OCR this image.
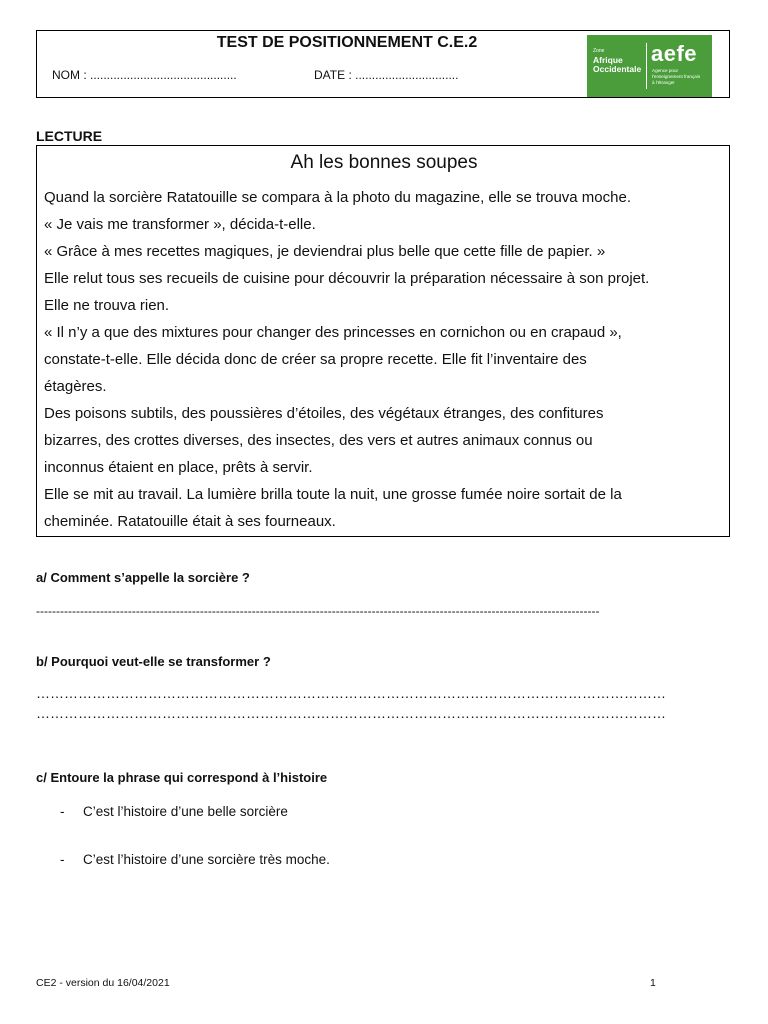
TEST DE POSITIONNEMENT C.E.2
NOM : ............................................	DATE : ...............................
Zone
Afrique
Occidentale
aefe
Agence pour
l'enseignement français
à l'étranger
LECTURE
Ah les bonnes soupes
Quand la sorcière Ratatouille se compara à la photo du magazine, elle se trouva moche.
« Je vais me transformer », décida-t-elle.
« Grâce à mes recettes magiques, je deviendrai plus belle que cette fille de papier. »
Elle relut tous ses recueils de cuisine pour découvrir la préparation nécessaire à son projet.
Elle ne trouva rien.
« Il n’y a que des mixtures pour changer des princesses en cornichon ou en crapaud »,
constate-t-elle. Elle décida donc de créer sa propre recette. Elle fit l’inventaire des
étagères.
Des poisons subtils, des poussières d’étoiles, des végétaux étranges, des confitures
bizarres, des crottes diverses, des insectes, des vers et autres animaux connus ou
inconnus étaient en place, prêts à servir.
Elle se mit au travail. La lumière brilla toute la nuit, une grosse fumée noire sortait de la
cheminée. Ratatouille était à ses fourneaux.
a/ Comment s’appelle la sorcière ?
---------------------------------------------------------------------------------------------------------------------------------------------
b/ Pourquoi veut-elle se transformer ?
………………………………………………………………………………………………………………………
………………………………………………………………………………………………………………………
c/ Entoure la phrase qui correspond à l’histoire
- C’est l’histoire d’une belle sorcière
- C’est l’histoire d’une sorcière très moche.
CE2 - version du 16/04/2021	1
